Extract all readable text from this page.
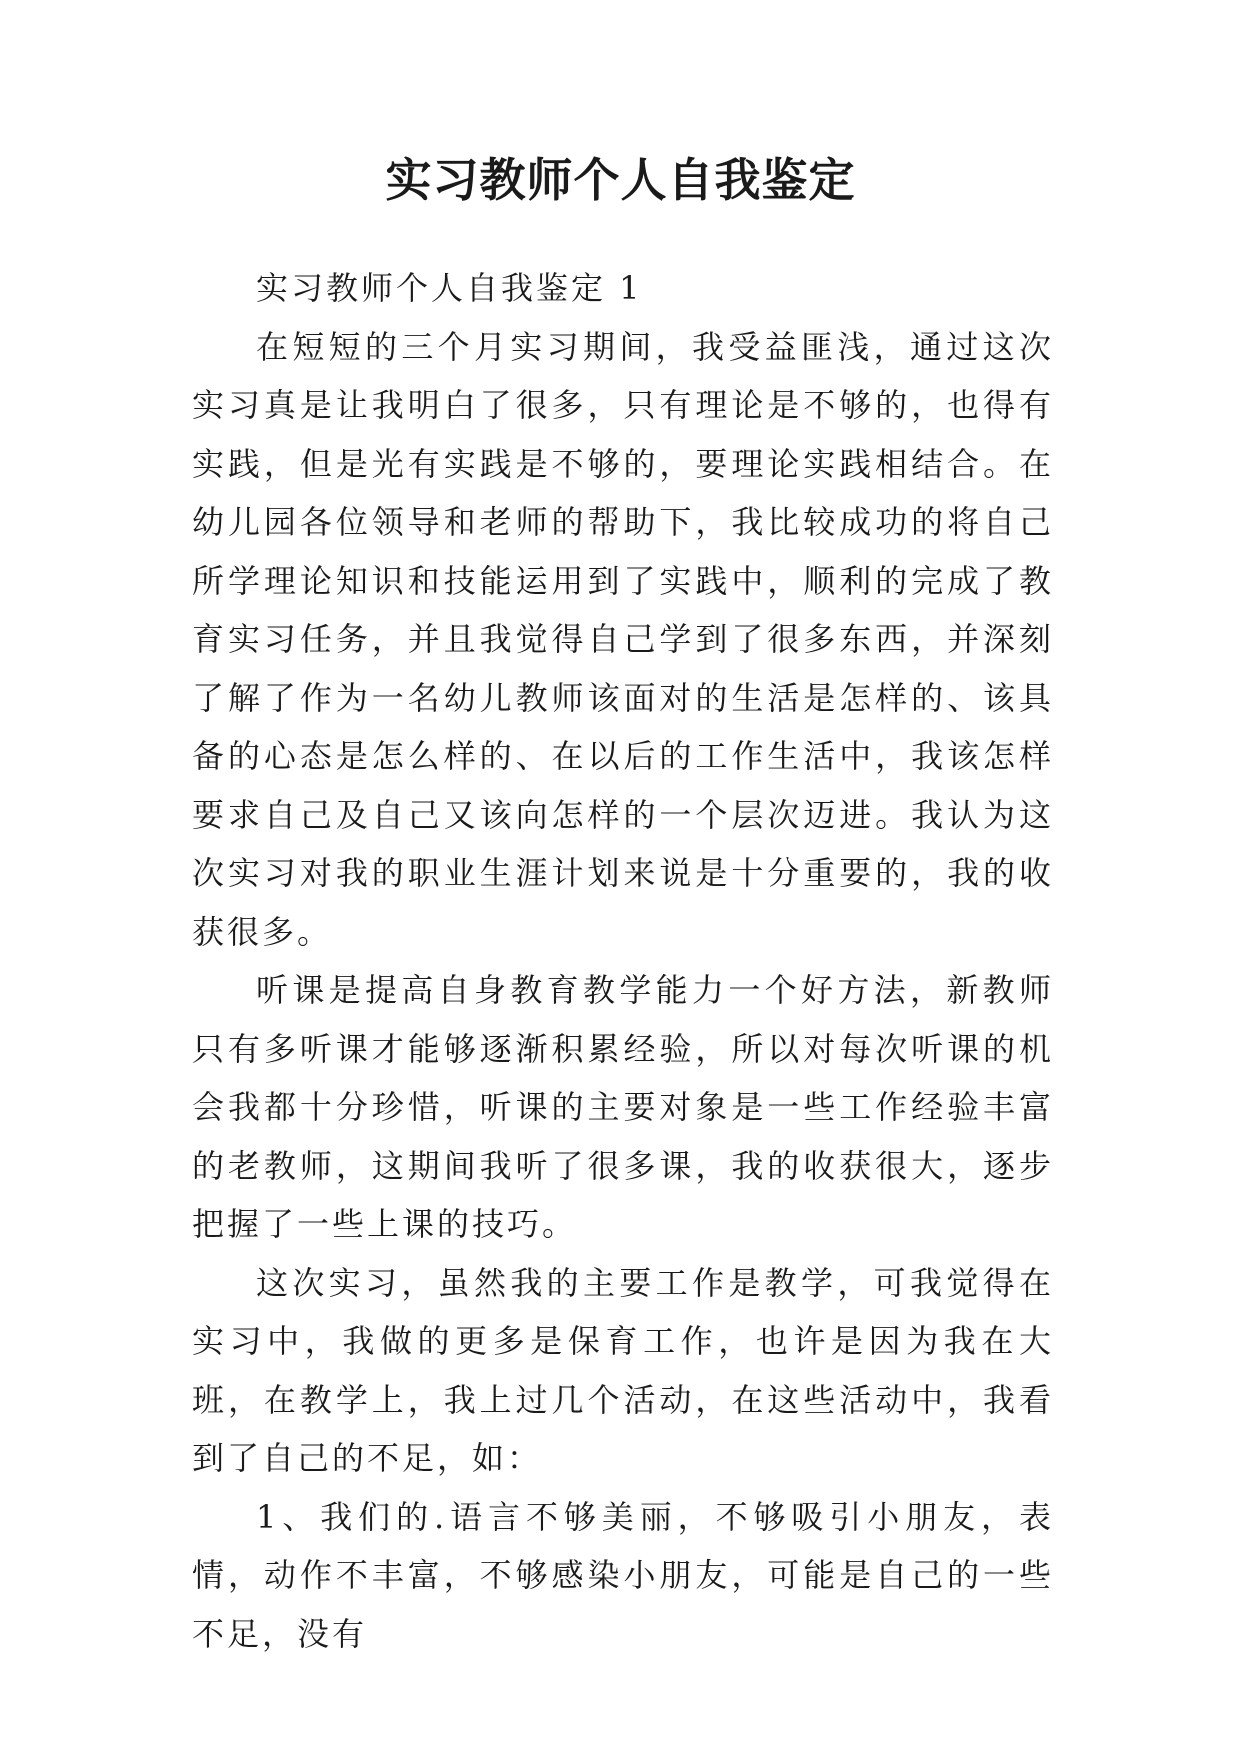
实习教师个人自我鉴定

实习教师个人自我鉴定 1

在短短的三个月实习期间，我受益匪浅，通过这次实习真是让我明白了很多，只有理论是不够的，也得有实践，但是光有实践是不够的，要理论实践相结合。在幼儿园各位领导和老师的帮助下，我比较成功的将自己所学理论知识和技能运用到了实践中，顺利的完成了教育实习任务，并且我觉得自己学到了很多东西，并深刻了解了作为一名幼儿教师该面对的生活是怎样的、该具备的心态是怎么样的、在以后的工作生活中，我该怎样要求自己及自己又该向怎样的一个层次迈进。我认为这次实习对我的职业生涯计划来说是十分重要的，我的收获很多。

听课是提高自身教育教学能力一个好方法，新教师只有多听课才能够逐渐积累经验，所以对每次听课的机会我都十分珍惜，听课的主要对象是一些工作经验丰富的老教师，这期间我听了很多课，我的收获很大，逐步把握了一些上课的技巧。

这次实习，虽然我的主要工作是教学，可我觉得在实习中，我做的更多是保育工作，也许是因为我在大班，在教学上，我上过几个活动，在这些活动中，我看到了自己的不足，如：

1、我们的.语言不够美丽，不够吸引小朋友，表情，动作不丰富，不够感染小朋友，可能是自己的一些不足，没有
